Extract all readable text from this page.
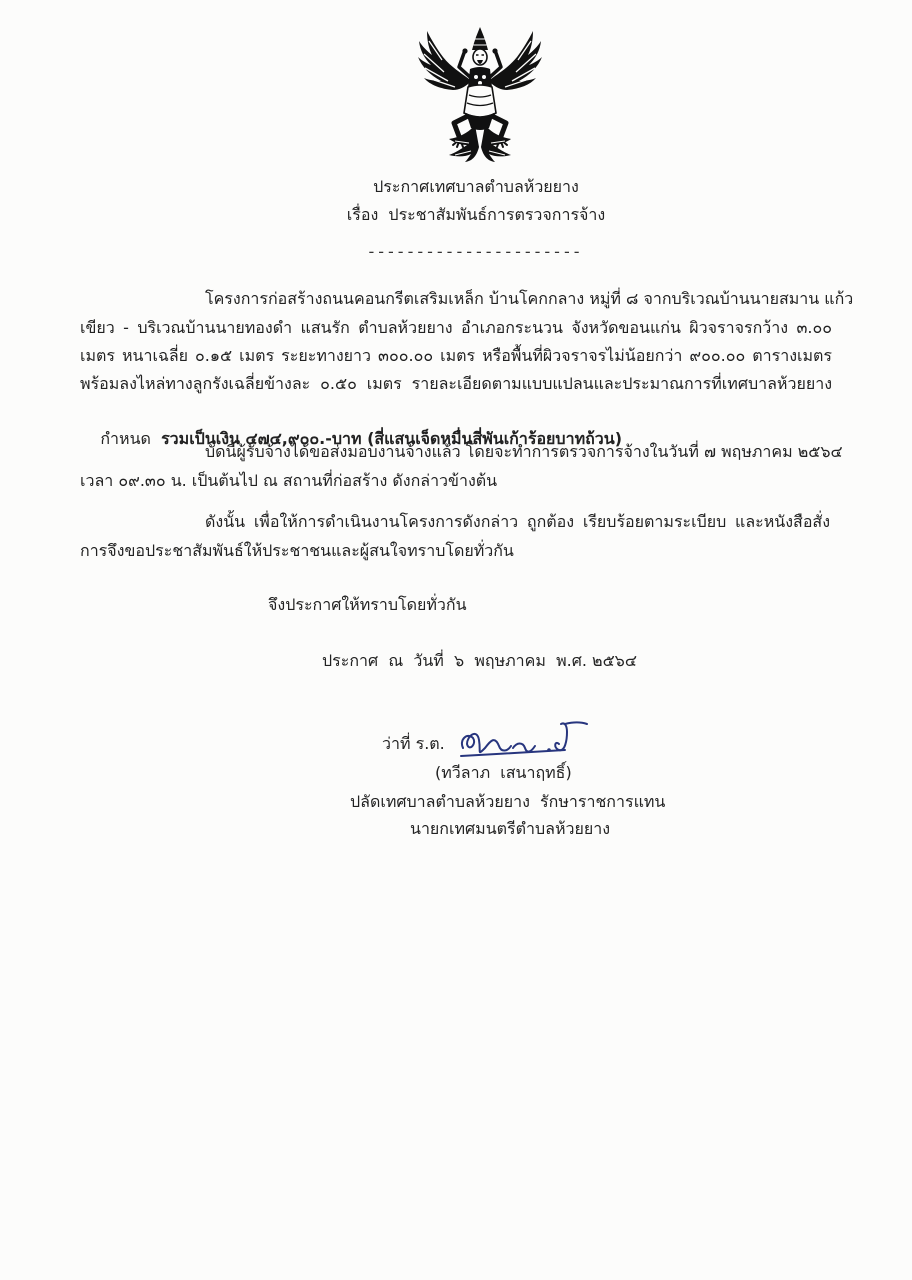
ประกาศเทศบาลตำบลห้วยยาง
เรื่อง  ประชาสัมพันธ์การตรวจการจ้าง
----------------------
โครงการก่อสร้างถนนคอนกรีตเสริมเหล็ก บ้านโคกกลาง หมู่ที่ ๘ จากบริเวณบ้านนายสมาน แก้ว
เขียว - บริเวณบ้านนายทองดำ แสนรัก ตำบลห้วยยาง อำเภอกระนวน จังหวัดขอนแก่น ผิวจราจรกว้าง ๓.๐๐
เมตร หนาเฉลี่ย ๐.๑๕ เมตร ระยะทางยาว ๓๐๐.๐๐ เมตร หรือพื้นที่ผิวจราจรไม่น้อยกว่า ๙๐๐.๐๐ ตารางเมตร
พร้อมลงไหล่ทางลูกรังเฉลี่ยข้างละ ๐.๕๐ เมตร รายละเอียดตามแบบแปลนและประมาณการที่เทศบาลห้วยยาง

กำหนด  รวมเป็นเงิน ๔๗๔,๙๐๐.-บาท (สี่แสนเจ็ดหมื่นสี่พันเก้าร้อยบาทถ้วน)

บัดนี้ผู้รับจ้างได้ขอส่งมอบงานจ้างแล้ว โดยจะทำการตรวจการจ้างในวันที่ ๗ พฤษภาคม ๒๕๖๔
เวลา ๐๙.๓๐ น. เป็นต้นไป ณ สถานที่ก่อสร้าง ดังกล่าวข้างต้น
ดังนั้น เพื่อให้การดำเนินงานโครงการดังกล่าว ถูกต้อง เรียบร้อยตามระเบียบ และหนังสือสั่ง
การจึงขอประชาสัมพันธ์ให้ประชาชนและผู้สนใจทราบโดยทั่วกัน
จึงประกาศให้ทราบโดยทั่วกัน
ประกาศ  ณ  วันที่  ๖  พฤษภาคม  พ.ศ. ๒๕๖๔
ว่าที่ ร.ต.
(ทวีลาภ  เสนาฤทธิ์)
ปลัดเทศบาลตำบลห้วยยาง  รักษาราชการแทน
นายกเทศมนตรีตำบลห้วยยาง
